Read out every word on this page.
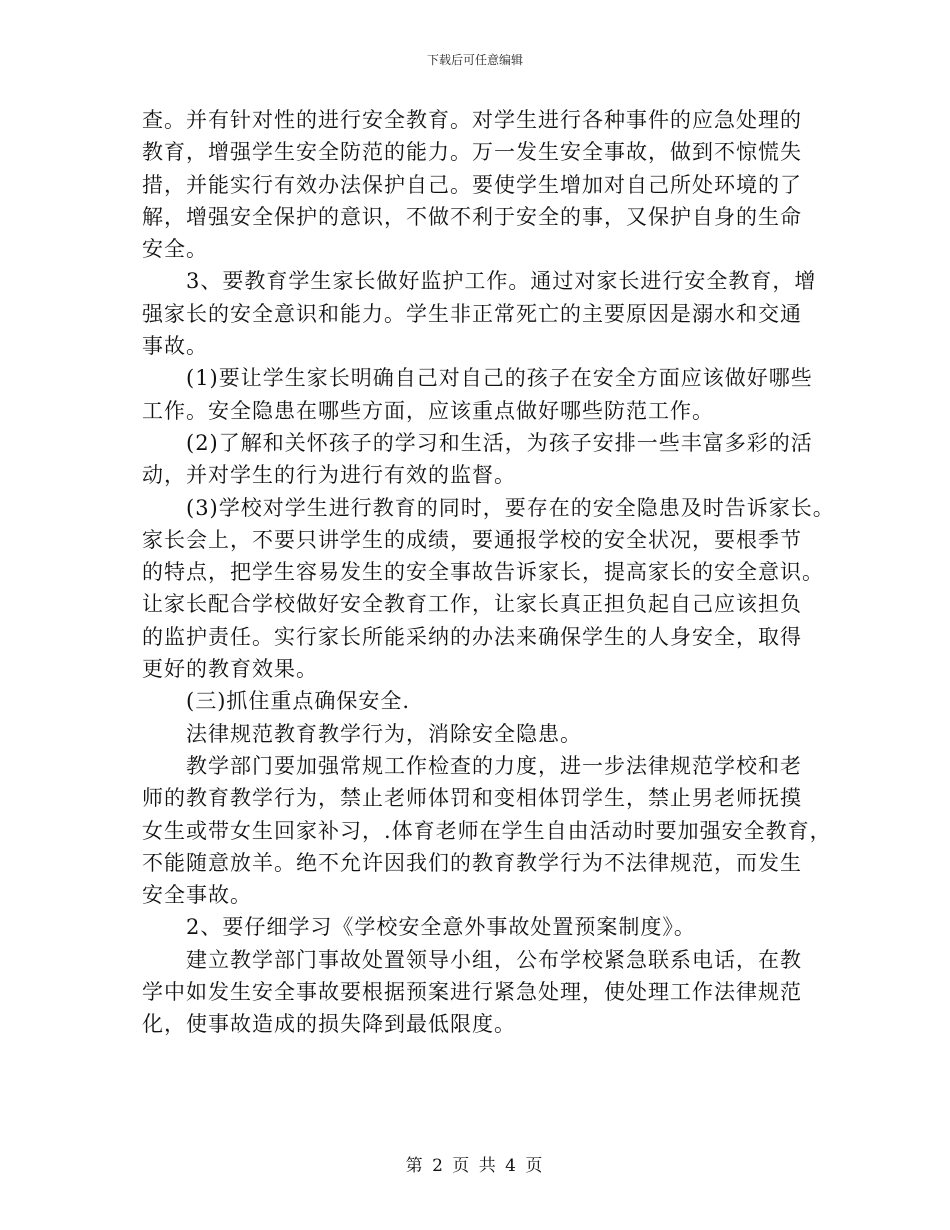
下载后可任意编辑
查。并有针对性的进行安全教育。对学生进行各种事件的应急处理的
教育，增强学生安全防范的能力。万一发生安全事故，做到不惊慌失
措，并能实行有效办法保护自己。要使学生增加对自己所处环境的了
解，增强安全保护的意识，不做不利于安全的事，又保护自身的生命
安全。
3、要教育学生家长做好监护工作。通过对家长进行安全教育，增
强家长的安全意识和能力。学生非正常死亡的主要原因是溺水和交通
事故。
(1)要让学生家长明确自己对自己的孩子在安全方面应该做好哪些
工作。安全隐患在哪些方面，应该重点做好哪些防范工作。
(2)了解和关怀孩子的学习和生活，为孩子安排一些丰富多彩的活
动，并对学生的行为进行有效的监督。
(3)学校对学生进行教育的同时，要存在的安全隐患及时告诉家长。
家长会上，不要只讲学生的成绩，要通报学校的安全状况，要根季节
的特点，把学生容易发生的安全事故告诉家长，提高家长的安全意识。
让家长配合学校做好安全教育工作，让家长真正担负起自己应该担负
的监护责任。实行家长所能采纳的办法来确保学生的人身安全，取得
更好的教育效果。
(三)抓住重点确保安全.
法律规范教育教学行为，消除安全隐患。
教学部门要加强常规工作检查的力度，进一步法律规范学校和老
师的教育教学行为，禁止老师体罚和变相体罚学生，禁止男老师抚摸
女生或带女生回家补习，.体育老师在学生自由活动时要加强安全教育，
不能随意放羊。绝不允许因我们的教育教学行为不法律规范，而发生
安全事故。
2、要仔细学习《学校安全意外事故处置预案制度》。
建立教学部门事故处置领导小组，公布学校紧急联系电话，在教
学中如发生安全事故要根据预案进行紧急处理，使处理工作法律规范
化，使事故造成的损失降到最低限度。
第 2 页 共 4 页
